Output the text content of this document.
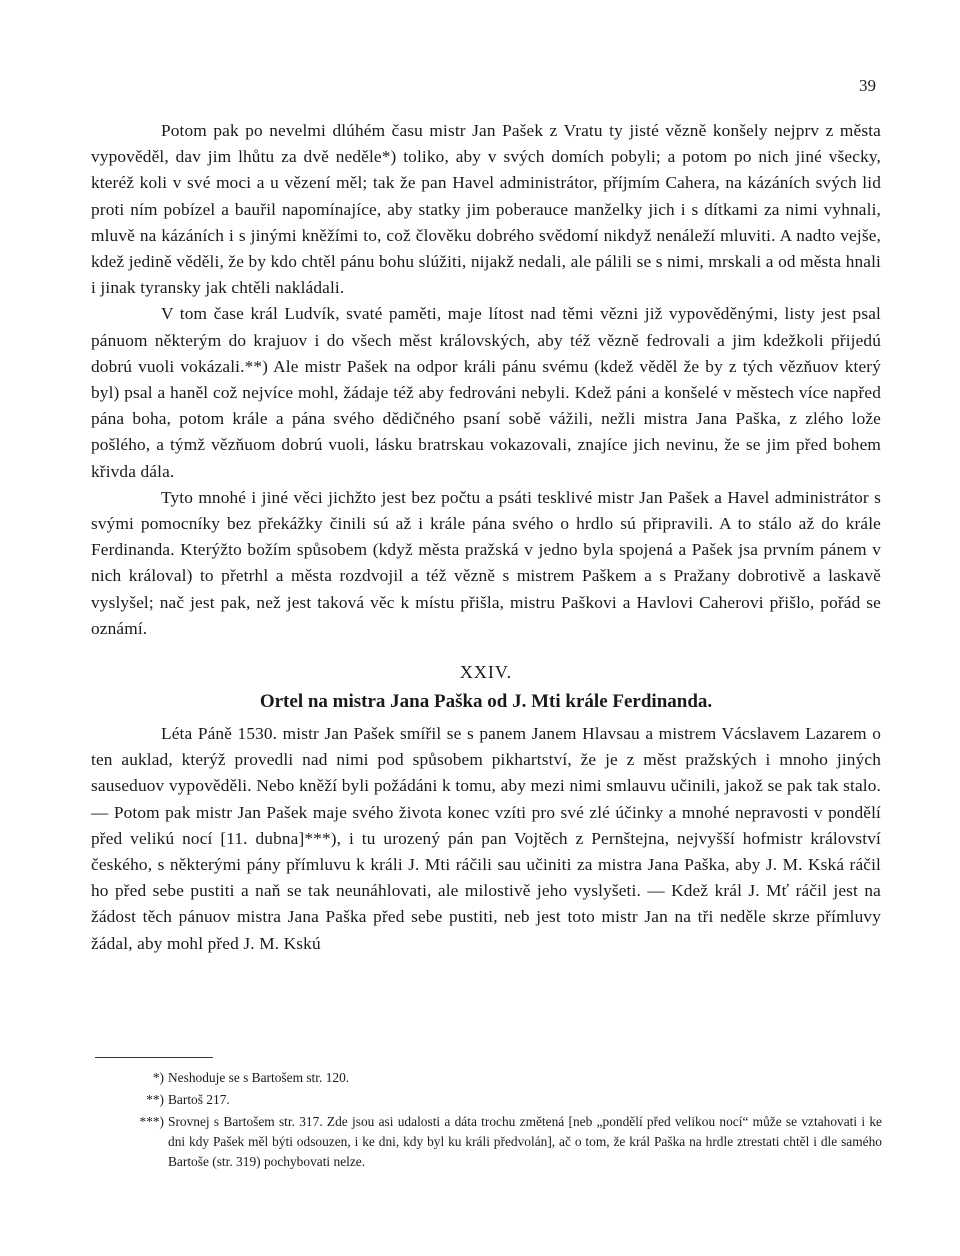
39

Potom pak po nevelmi dlúhém času mistr Jan Pašek z Vratu ty jisté vězně konšely nejprv z města vypověděl, dav jim lhůtu za dvě neděle*) toliko, aby v svých domích pobyli; a potom po nich jiné všecky, kteréž koli v své moci a u vězení měl; tak že pan Havel administrátor, příjmím Cahera, na kázáních svých lid proti ním pobízel a bauřil napomínajíce, aby statky jim poberauce manželky jich i s dítkami za nimi vyhnali, mluvě na kázáních i s jinými kněžími to, což člověku dobrého svědomí nikdyž nenáleží mluviti. A nadto vejše, kdež jedině věděli, že by kdo chtěl pánu bohu slúžiti, nijakž nedali, ale pálili se s nimi, mrskali a od města hnali i jinak tyransky jak chtěli nakládali.

V tom čase král Ludvík, svaté paměti, maje lítost nad těmi vězni již vypověděnými, listy jest psal pánuom některým do krajuov i do všech měst královských, aby též vězně fedrovali a jim kdežkoli přijedú dobrú vuoli vokázali.**) Ale mistr Pašek na odpor králi pánu svému (kdež věděl že by z tých vězňuov který byl) psal a haněl což nejvíce mohl, žádaje též aby fedrováni nebyli. Kdež páni a konšelé v městech více napřed pána boha, potom krále a pána svého dědičného psaní sobě vážili, nežli mistra Jana Paška, z zlého lože pošlého, a týmž vězňuom dobrú vuoli, lásku bratrskau vokazovali, znajíce jich nevinu, že se jim před bohem křivda dála.

Tyto mnohé i jiné věci jichžto jest bez počtu a psáti tesklivé mistr Jan Pašek a Havel administrátor s svými pomocníky bez překážky činili sú až i krále pána svého o hrdlo sú připravili. A to stálo až do krále Ferdinanda. Kterýžto božím spůsobem (když města pražská v jedno byla spojená a Pašek jsa prvním pánem v nich královal) to přetrhl a města rozdvojil a též vězně s mistrem Paškem a s Pražany dobrotivě a laskavě vyslyšel; nač jest pak, než jest taková věc k místu přišla, mistru Paškovi a Havlovi Caherovi přišlo, pořád se oznámí.

XXIV.
Ortel na mistra Jana Paška od J. Mti krále Ferdinanda.

Léta Páně 1530. mistr Jan Pašek smířil se s panem Janem Hlavsau a mistrem Vácslavem Lazarem o ten auklad, kterýž provedli nad nimi pod spůsobem pikhartství, že je z měst pražských i mnoho jiných sauseduov vypověděli. Nebo kněží byli požádáni k tomu, aby mezi nimi smlauvu učinili, jakož se pak tak stalo. — Potom pak mistr Jan Pašek maje svého života konec vzíti pro své zlé účinky a mnohé nepravosti v pondělí před velikú nocí [11. dubna]***), i tu urozený pán pan Vojtěch z Pernštejna, nejvyšší hofmistr království českého, s některými pány přímluvu k králi J. Mti ráčili sau učiniti za mistra Jana Paška, aby J. M. Kská ráčil ho před sebe pustiti a naň se tak neunáhlovati, ale milostivě jeho vyslyšeti. — Kdež král J. Mť ráčil jest na žádost těch pánuov mistra Jana Paška před sebe pustiti, neb jest toto mistr Jan na tři neděle skrze přímluvy žádal, aby mohl před J. M. Kskú

*) Neshoduje se s Bartošem str. 120.

**) Bartoš 217.

***) Srovnej s Bartošem str. 317. Zde jsou asi udalosti a dáta trochu změtená [neb „pondělí před velikou nocí“ může se vztahovati i ke dni kdy Pašek měl býti odsouzen, i ke dni, kdy byl ku králi předvolán], ač o tom, že král Paška na hrdle ztrestati chtěl i dle samého Bartoše (str. 319) pochybovati nelze.
